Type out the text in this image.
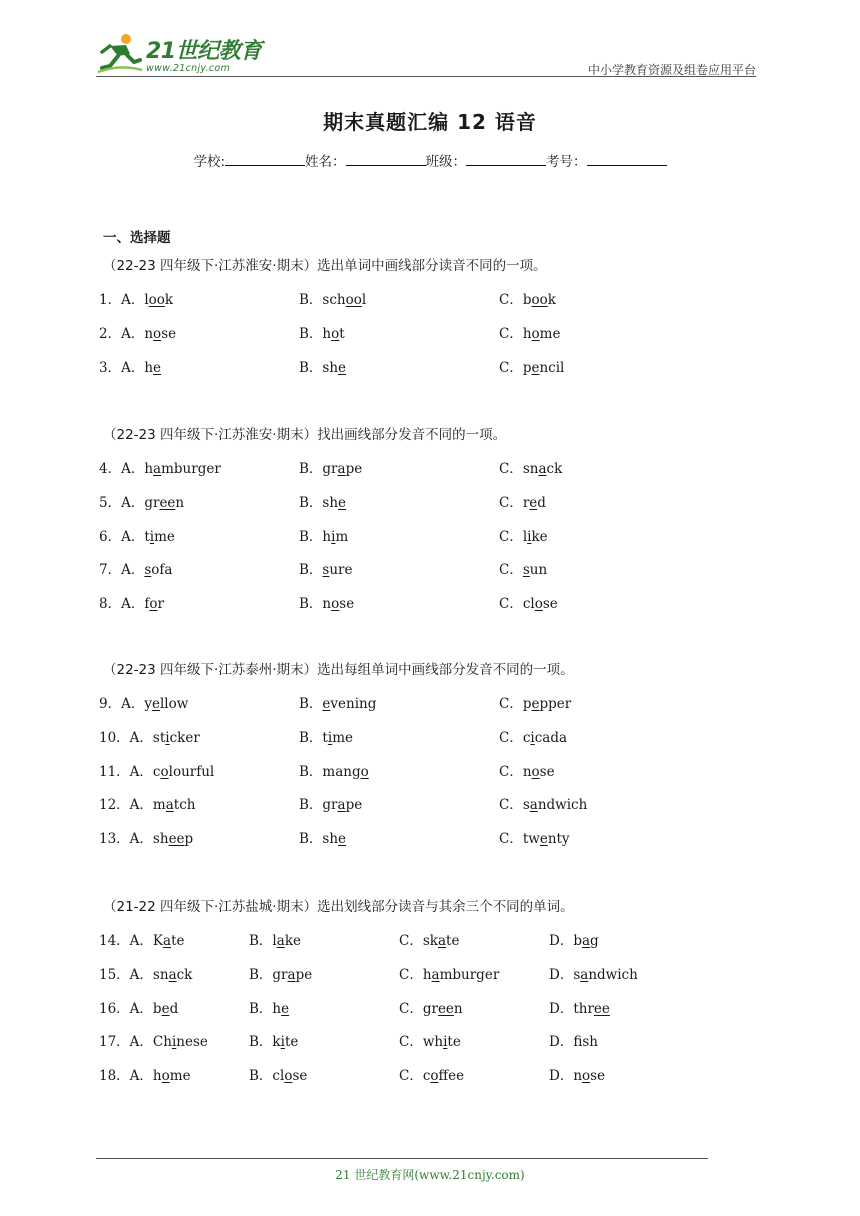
21世纪教育
www.21cnjy.com	中小学教育资源及组卷应用平台
期末真题汇编 12 语音
学校:	姓名：	班级：	考号：
一、选择题
（22-23 四年级下·江苏淮安·期末）选出单词中画线部分读音不同的一项。
1．A．look	B．school	C．book
2．A．nose	B．hot	C．home
3．A．he	B．she	C．pencil
（22-23 四年级下·江苏淮安·期末）找出画线部分发音不同的一项。
4．A．hamburger	B．grape	C．snack
5．A．green	B．she	C．red
6．A．time	B．him	C．like
7．A．sofa	B．sure	C．sun
8．A．for	B．nose	C．close
（22-23 四年级下·江苏泰州·期末）选出每组单词中画线部分发音不同的一项。
9．A．yellow	B．evening	C．pepper
10．A．sticker	B．time	C．cicada
11．A．colourful	B．mango	C．nose
12．A．match	B．grape	C．sandwich
13．A．sheep	B．she	C．twenty
（21-22 四年级下·江苏盐城·期末）选出划线部分读音与其余三个不同的单词。
14．A．Kate	B．lake	C．skate	D．bag
15．A．snack	B．grape	C．hamburger	D．sandwich
16．A．bed	B．he	C．green	D．three
17．A．Chinese	B．kite	C．white	D．fsh
18．A．home	B．close	C．coffee	D．nose
21 世纪教育网(www.21cnjy.com)
